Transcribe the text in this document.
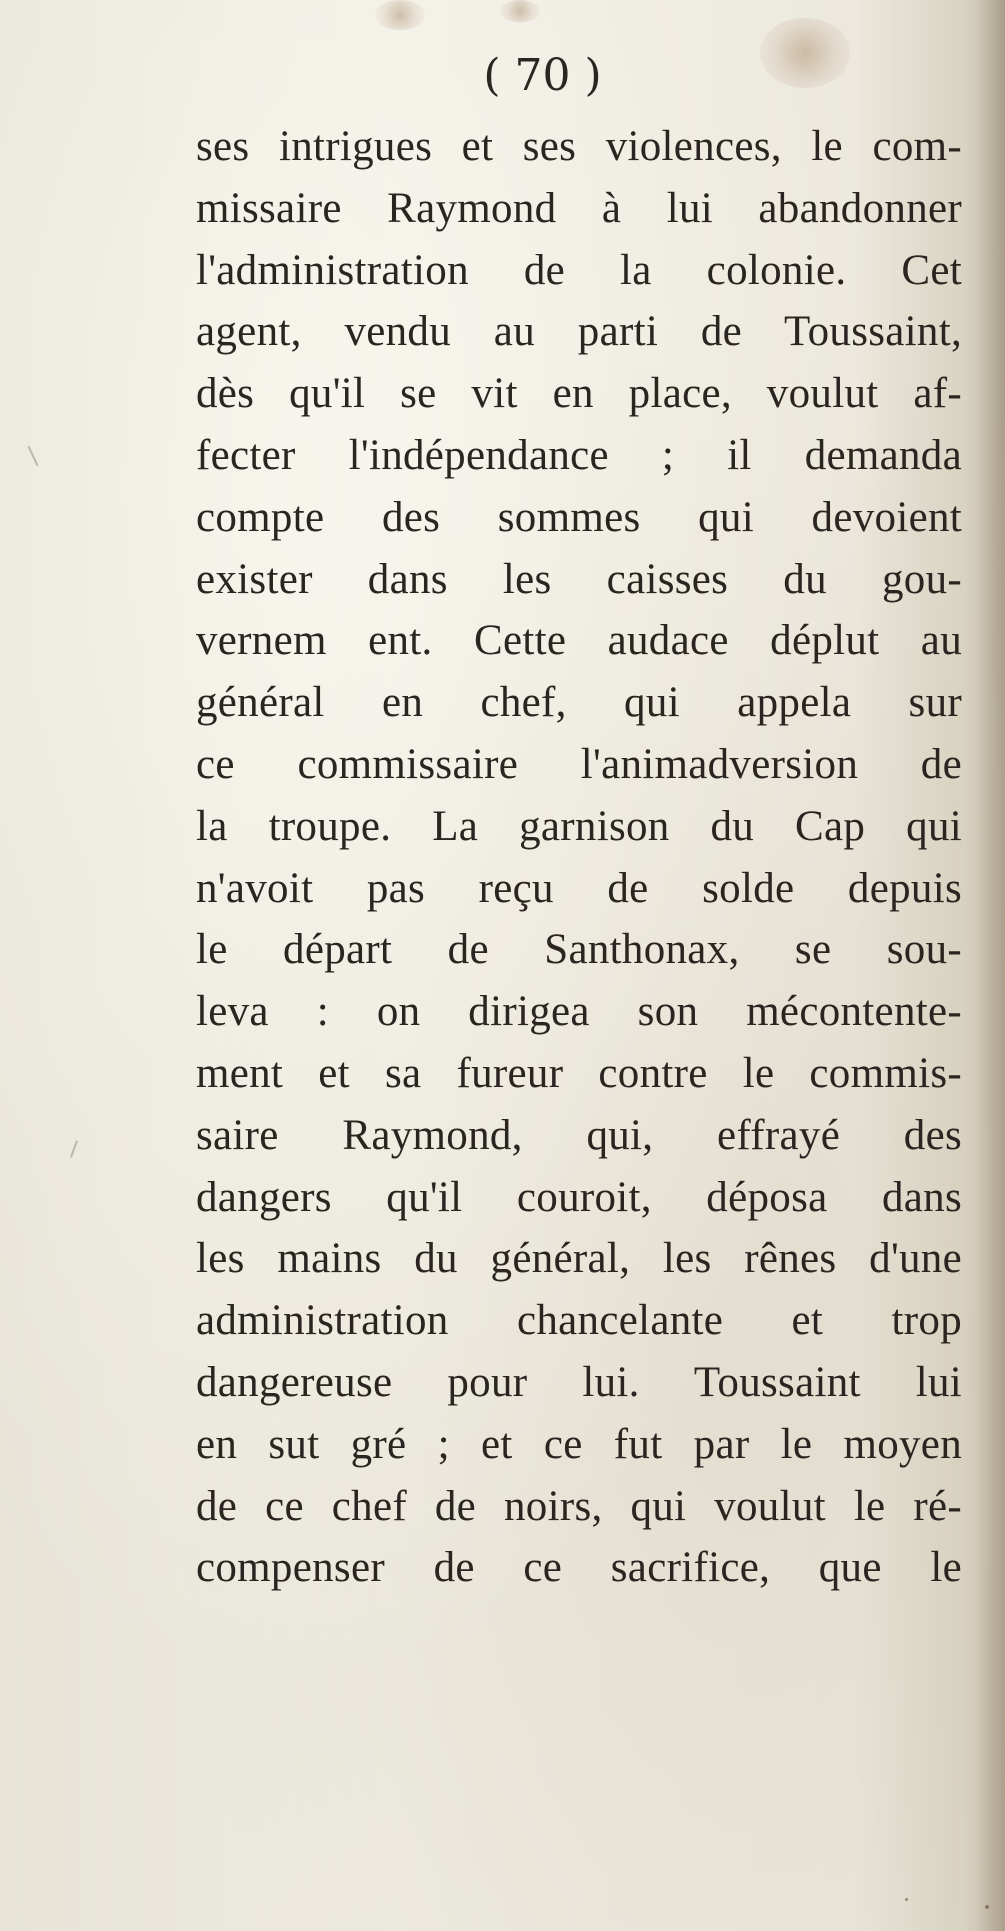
( 70 )
ses intrigues et ses violences, le com-
missaire Raymond à lui abandonner
l'administration de la colonie. Cet
agent, vendu au parti de Toussaint,
dès qu'il se vit en place, voulut af-
fecter l'indépendance ; il demanda
compte des sommes qui devoient
exister dans les caisses du gou-
vernem ent. Cette audace déplut au
général en chef, qui appela sur
ce commissaire l'animadversion de
la troupe. La garnison du Cap qui
n'avoit pas reçu de solde depuis
le départ de Santhonax, se sou-
leva : on dirigea son mécontente-
ment et sa fureur contre le commis-
saire Raymond, qui, effrayé des
dangers qu'il couroit, déposa dans
les mains du général, les rênes d'une
administration chancelante et trop
dangereuse pour lui. Toussaint lui
en sut gré ; et ce fut par le moyen
de ce chef de noirs, qui voulut le ré-
compenser de ce sacrifice, que le
